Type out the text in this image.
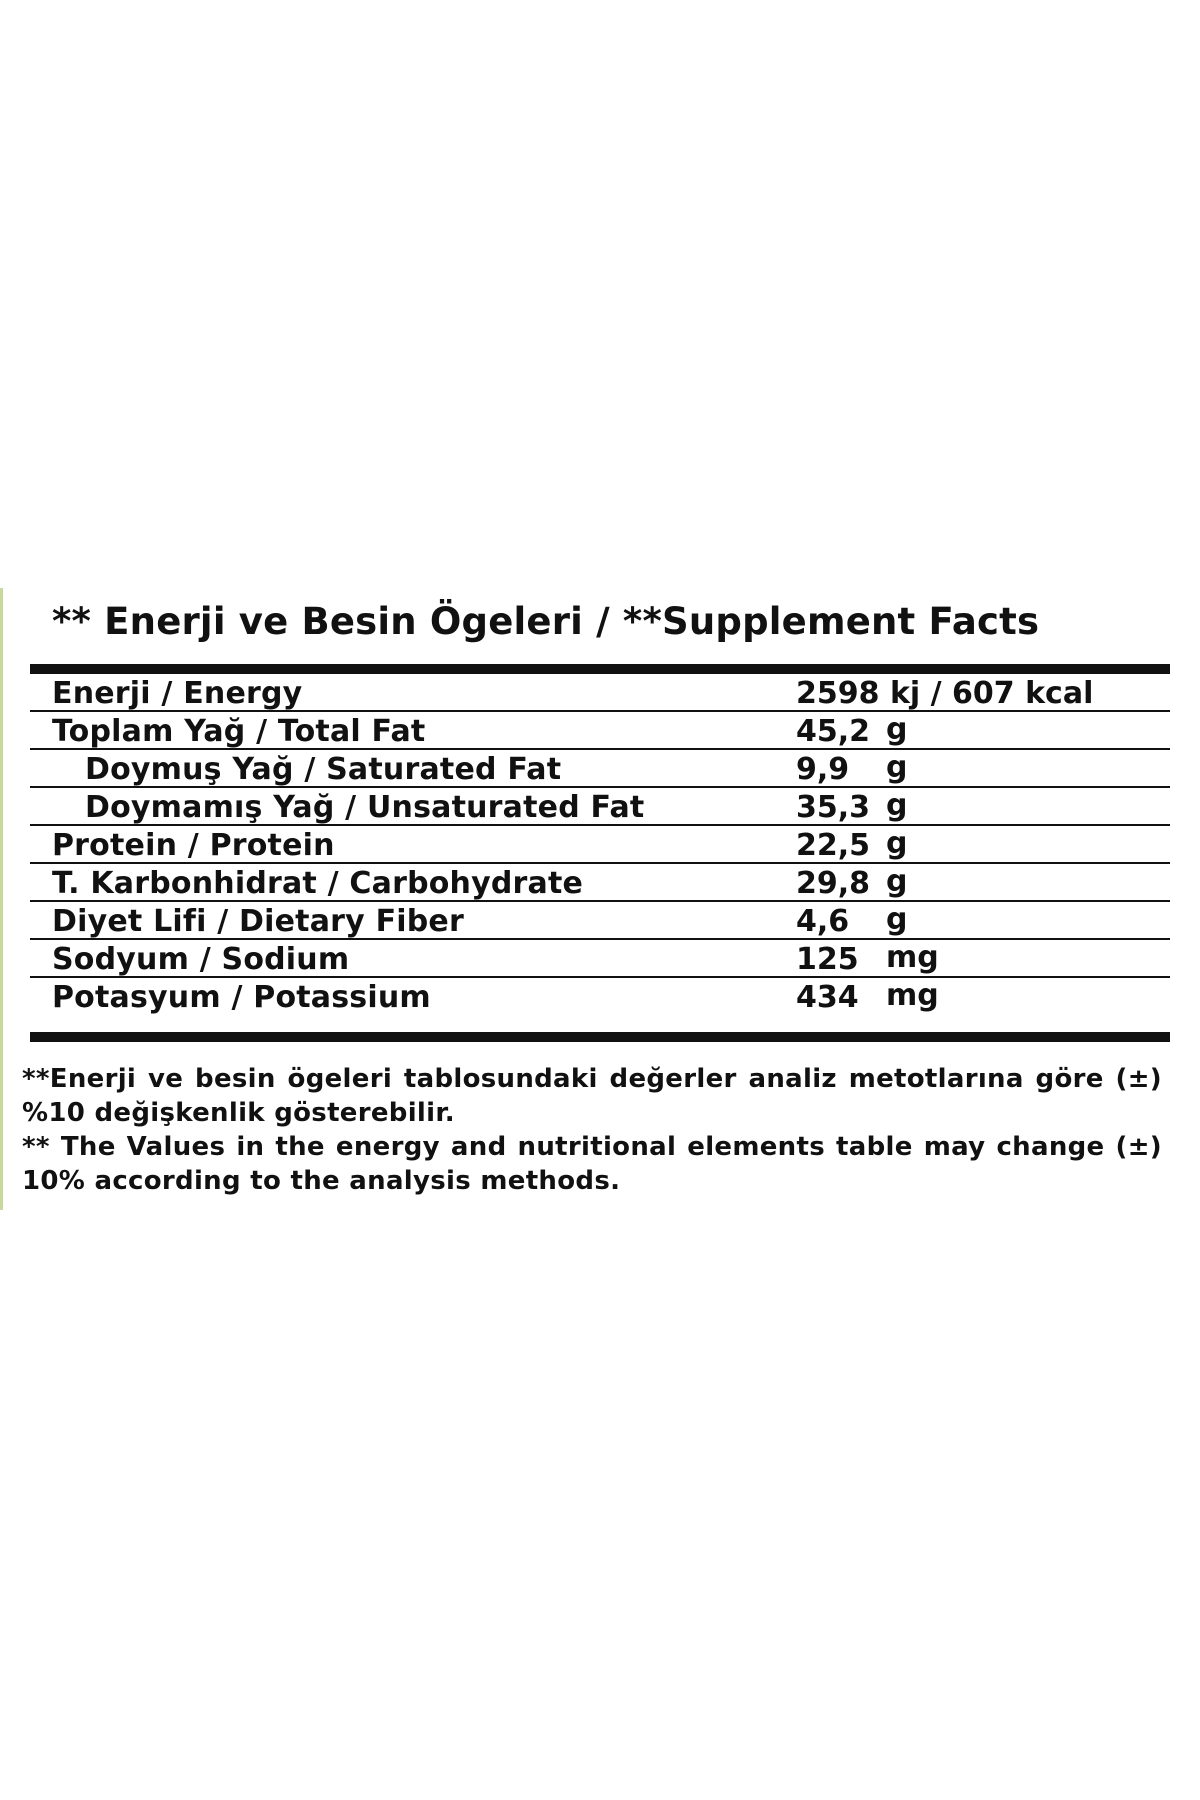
** Enerji ve Besin Ögeleri / **Supplement Facts
Enerji / Energy	2598 kj / 607 kcal
Toplam Yağ / Total Fat	45,2 g
Doymuş Yağ / Saturated Fat	9,9 g
Doymamış Yağ / Unsaturated Fat	35,3 g
Protein / Protein	22,5 g
T. Karbonhidrat / Carbohydrate	29,8 g
Diyet Lifi / Dietary Fiber	4,6 g
Sodyum / Sodium	125 mg
Potasyum / Potassium	434 mg
**Enerji ve besin ögeleri tablosundaki değerler analiz metotlarına göre (±) %10 değişkenlik gösterebilir.
** The Values in the energy and nutritional elements table may change (±) 10% according to the analysis methods.
